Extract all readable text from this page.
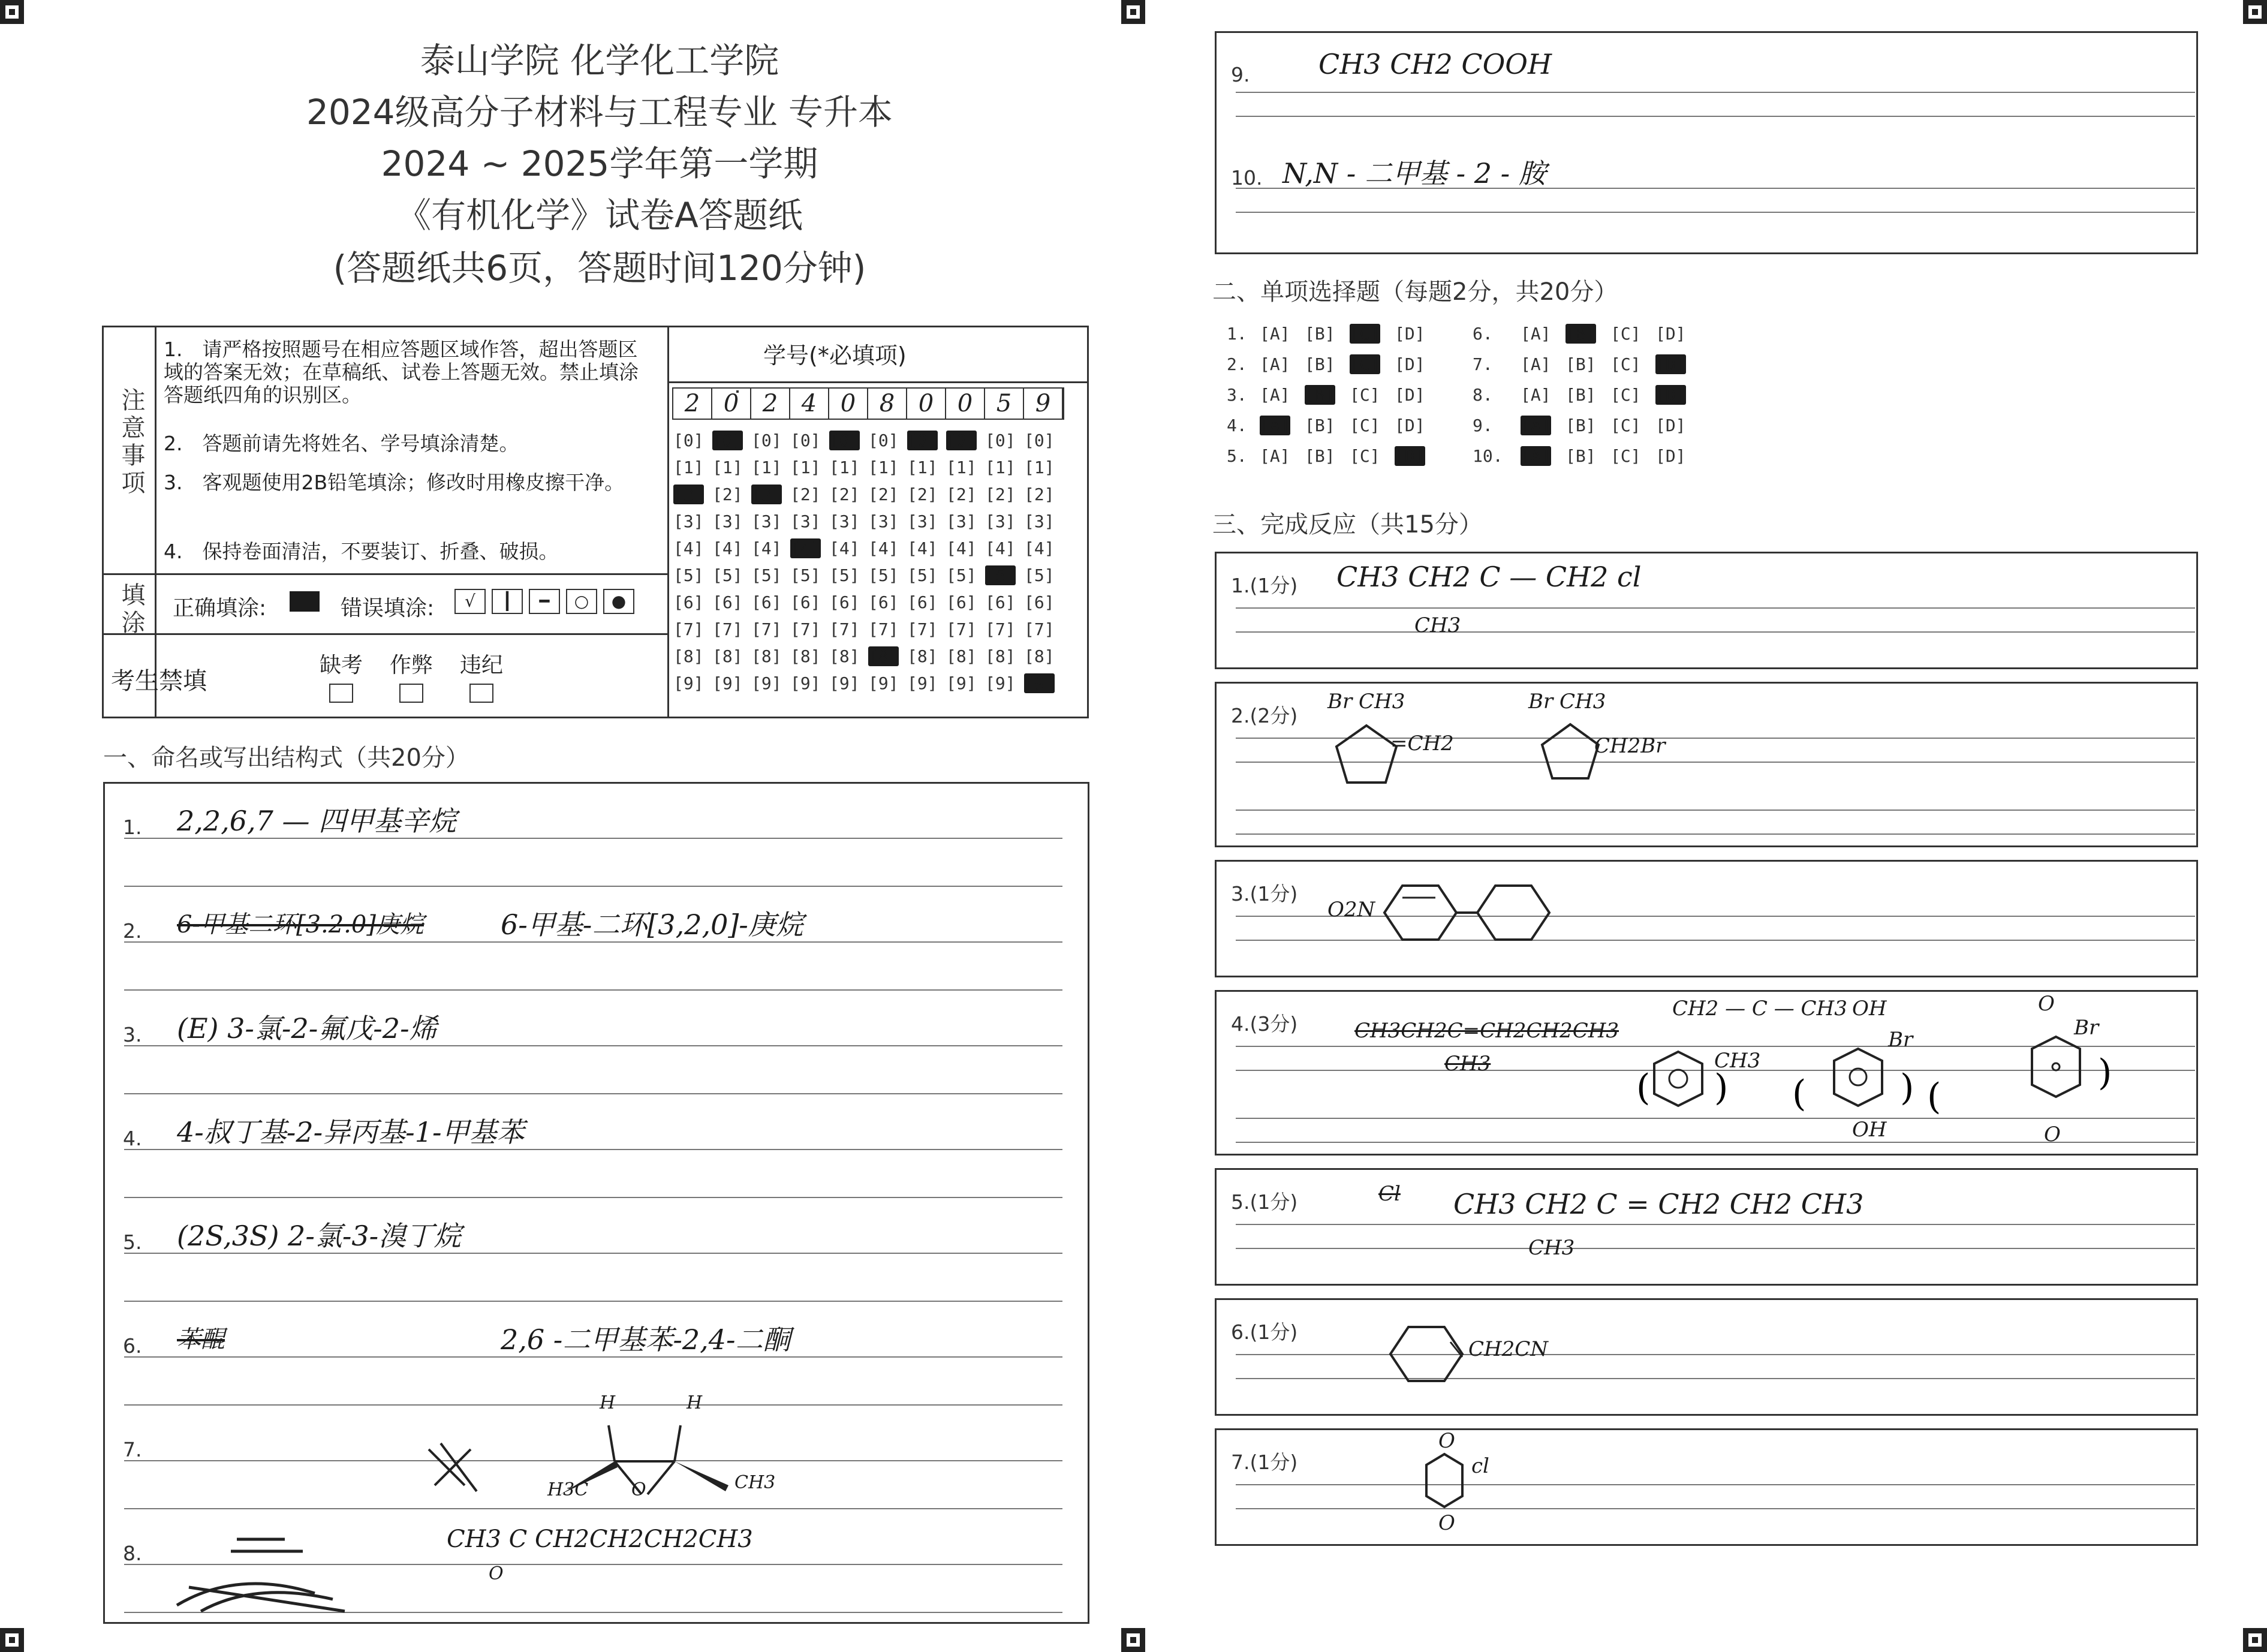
泰山学院 化学化工学院
2024级高分子材料与工程专业 专升本
2024 ~ 2025学年第一学期
《有机化学》试卷A答题纸
(答题纸共6页，答题时间120分钟)
注意事项
1.　请严格按照题号在相应答题区域作答，超出答题区域的答案无效；在草稿纸、试卷上答题无效。禁止填涂答题纸四角的识别区。
2.　答题前请先将姓名、学号填涂清楚。
3.　客观题使用2B铅笔填涂；修改时用橡皮擦干净。
4.　保持卷面清洁，不要装订、折叠、破损。
填涂 正确填涂:	错误填涂:	√	┃	━	○	●
考生禁填
缺考 作弊 违纪
学号(*必填项)
2 0 2 4 0 8 0 0 5 9
[0] [0] [0] [0] [0] [0] [0] [0] [0] [0]
[1] [1] [1] [1] [1] [1] [1] [1] [1] [1]
[2] [2] [2] [2] [2] [2] [2] [2] [2] [2]
[3] [3] [3] [3] [3] [3] [3] [3] [3] [3]
[4] [4] [4] [4] [4] [4] [4] [4] [4] [4]
[5] [5] [5] [5] [5] [5] [5] [5] [5] [5]
[6] [6] [6] [6] [6] [6] [6] [6] [6] [6]
[7] [7] [7] [7] [7] [7] [7] [7] [7] [7]
[8] [8] [8] [8] [8] [8] [8] [8] [8] [8]
[9] [9] [9] [9] [9] [9] [9] [9] [9] [9]
一、命名或写出结构式（共20分）
1. 2,2,6,7 — 四甲基辛烷
2. 6-甲基二环[3.2.0]庚烷	6-甲基-二环[3,2,0]-庚烷
3. (E) 3-氯-2-氟戊-2-烯
4. 4-叔丁基-2-异丙基-1-甲基苯
5. (2S,3S) 2-氯-3-溴丁烷
6. 苯醌	2,6 -二甲基苯-2,4-二酮
7.
8.
CH3 C CH2CH2CH2CH3
H	H
H3C O	CH3
O
9. CH3 CH2 COOH
10. N,N - 二甲基 - 2 - 胺
二、单项选择题（每题2分，共20分）
1. [A] [B] [C] [D]
2. [A] [B] [C] [D]
3. [A] [B] [C] [D]
4. [A] [B] [C] [D]
5. [A] [B] [C] [D]
6. [A] [B] [C] [D]
7. [A] [B] [C] [D]
8. [A] [B] [C] [D]
9. [A] [B] [C] [D]
10. [A] [B] [C] [D]
三、完成反应（共15分）
1.(1分) CH3 CH2 C — CH2 cl
CH3
2.(2分)
Br CH3
=CH2
Br CH3
CH2Br
3.(1分)
O2N
4.(3分)	CH3CH2C=CH2CH2CH3
CH3
CH2 — C — CH3
CH3
( )
OH
Br
(	) (
OH
O
Br
)
O
5.(1分)	Cl CH3 CH2 C = CH2 CH2 CH3
CH3
6.(1分)
CH2CN
7.(1分)
O
cl
O
